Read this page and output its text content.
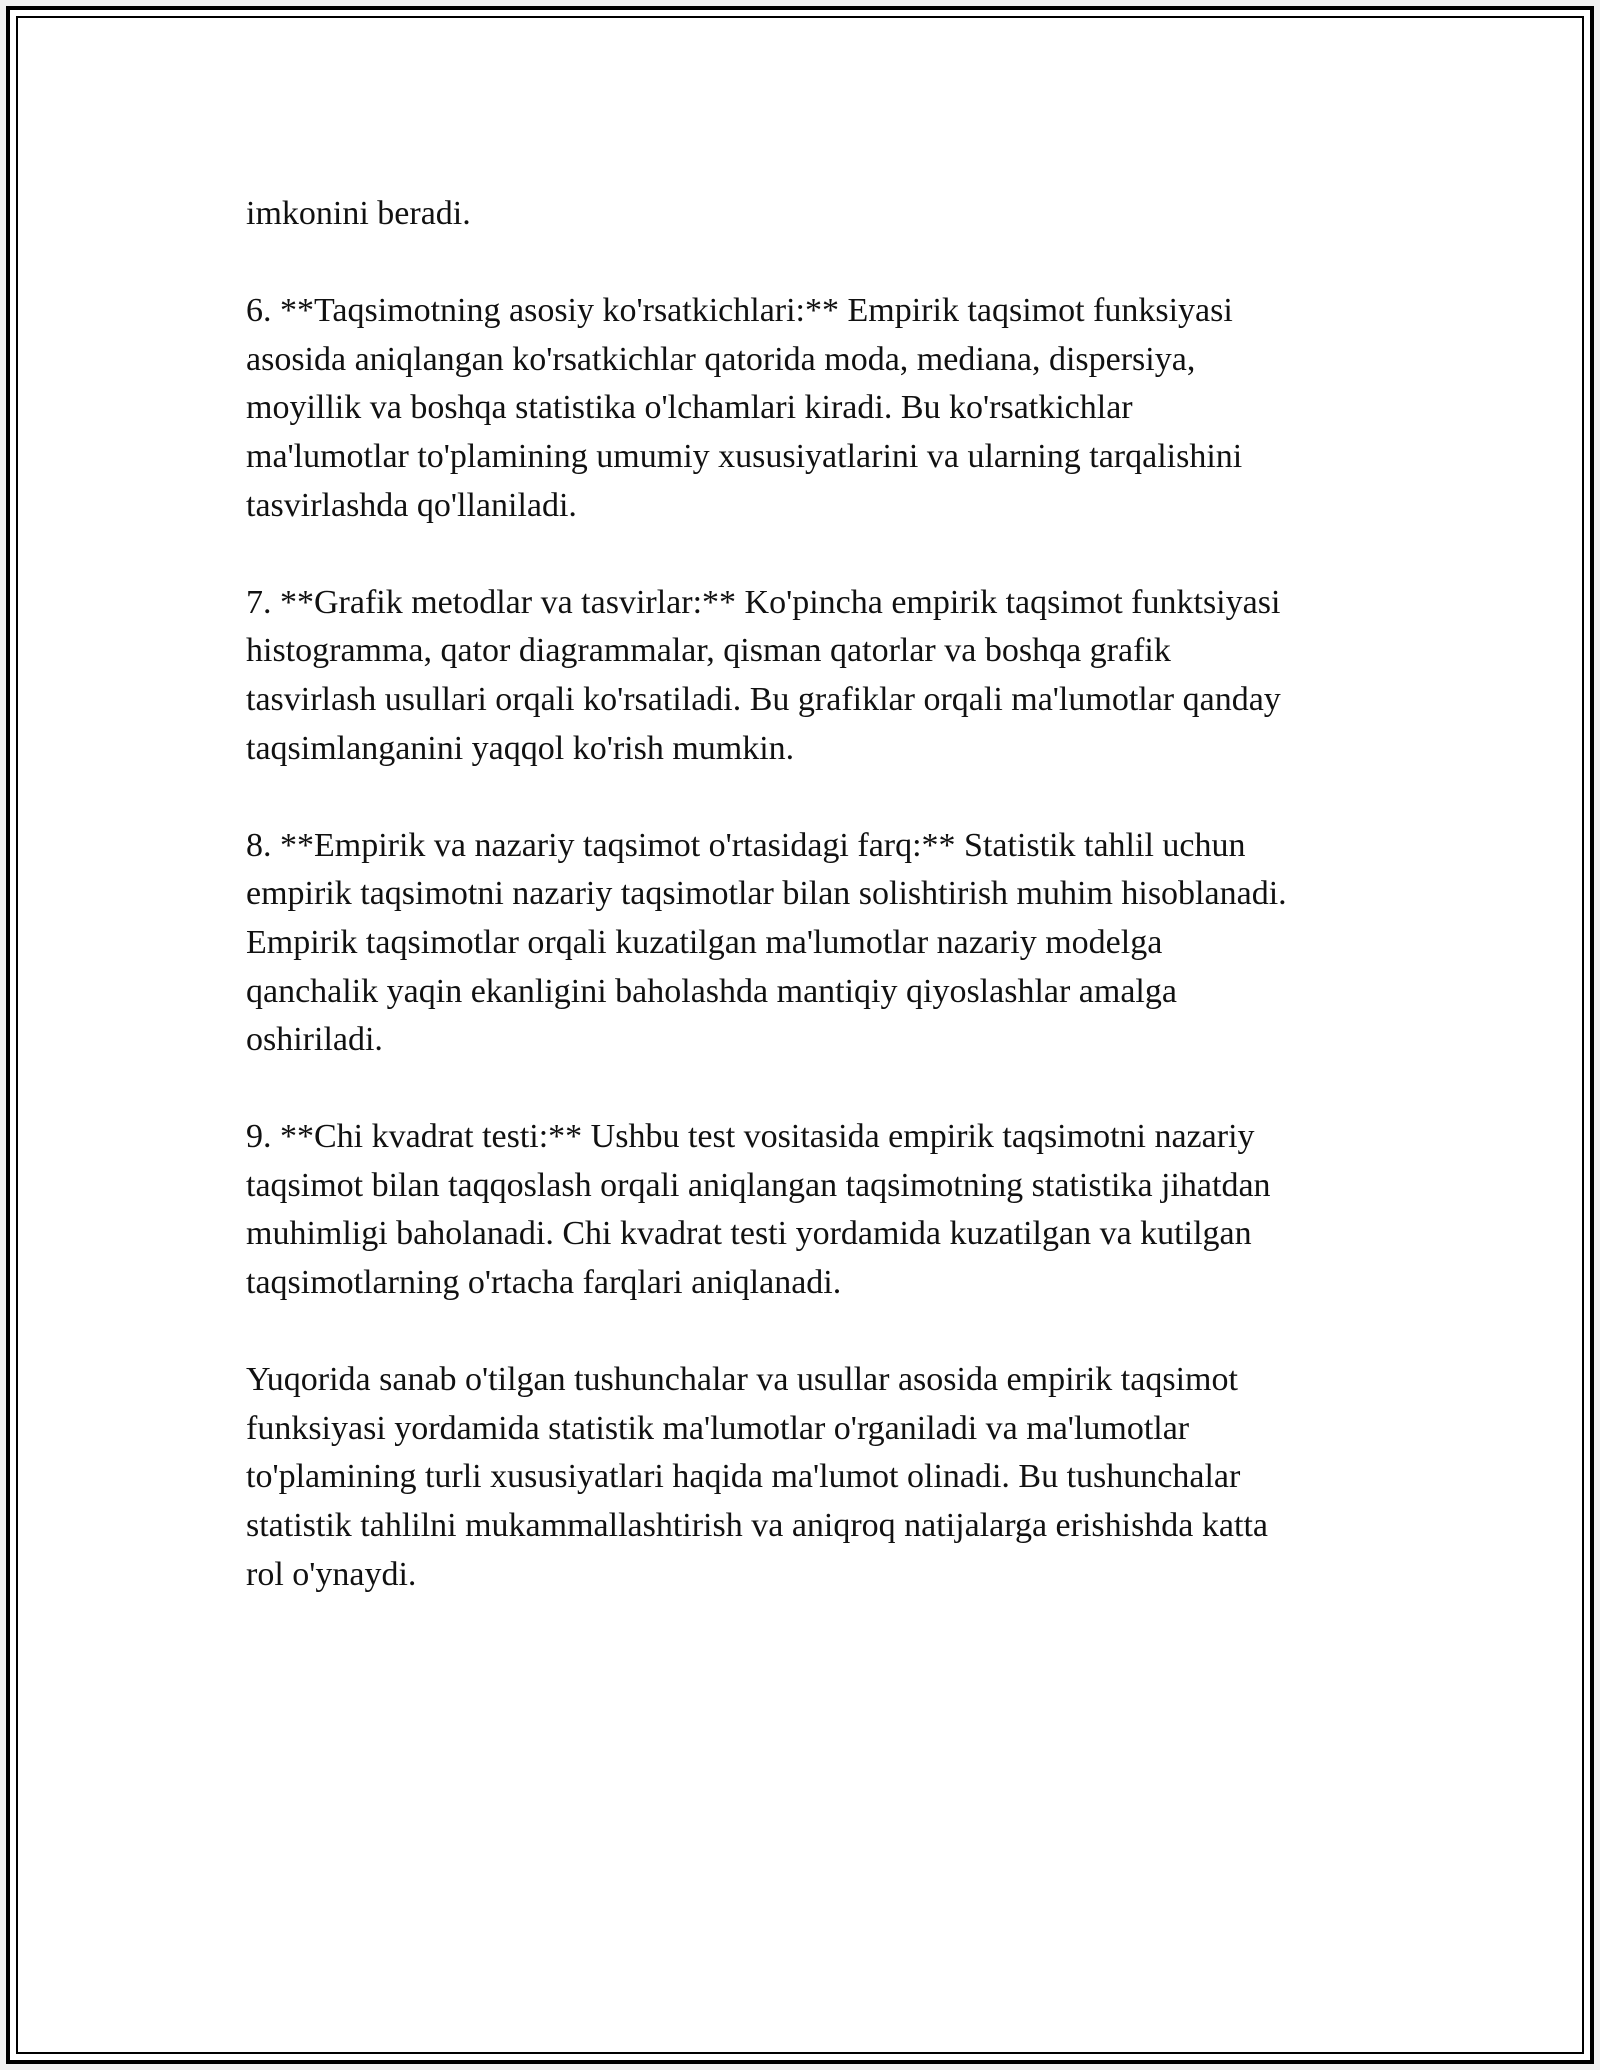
imkonini beradi.

6. **Taqsimotning asosiy ko'rsatkichlari:** Empirik taqsimot funksiyasi
asosida aniqlangan ko'rsatkichlar qatorida moda, mediana, dispersiya,
moyillik va boshqa statistika o'lchamlari kiradi. Bu ko'rsatkichlar
ma'lumotlar to'plamining umumiy xususiyatlarini va ularning tarqalishini
tasvirlashda qo'llaniladi.

7. **Grafik metodlar va tasvirlar:** Ko'pincha empirik taqsimot funktsiyasi
histogramma, qator diagrammalar, qisman qatorlar va boshqa grafik
tasvirlash usullari orqali ko'rsatiladi. Bu grafiklar orqali ma'lumotlar qanday
taqsimlanganini yaqqol ko'rish mumkin.

8. **Empirik va nazariy taqsimot o'rtasidagi farq:** Statistik tahlil uchun
empirik taqsimotni nazariy taqsimotlar bilan solishtirish muhim hisoblanadi.
Empirik taqsimotlar orqali kuzatilgan ma'lumotlar nazariy modelga
qanchalik yaqin ekanligini baholashda mantiqiy qiyoslashlar amalga
oshiriladi.

9. **Chi kvadrat testi:** Ushbu test vositasida empirik taqsimotni nazariy
taqsimot bilan taqqoslash orqali aniqlangan taqsimotning statistika jihatdan
muhimligi baholanadi. Chi kvadrat testi yordamida kuzatilgan va kutilgan
taqsimotlarning o'rtacha farqlari aniqlanadi.

Yuqorida sanab o'tilgan tushunchalar va usullar asosida empirik taqsimot
funksiyasi yordamida statistik ma'lumotlar o'rganiladi va ma'lumotlar
to'plamining turli xususiyatlari haqida ma'lumot olinadi. Bu tushunchalar
statistik tahlilni mukammallashtirish va aniqroq natijalarga erishishda katta
rol o'ynaydi.
